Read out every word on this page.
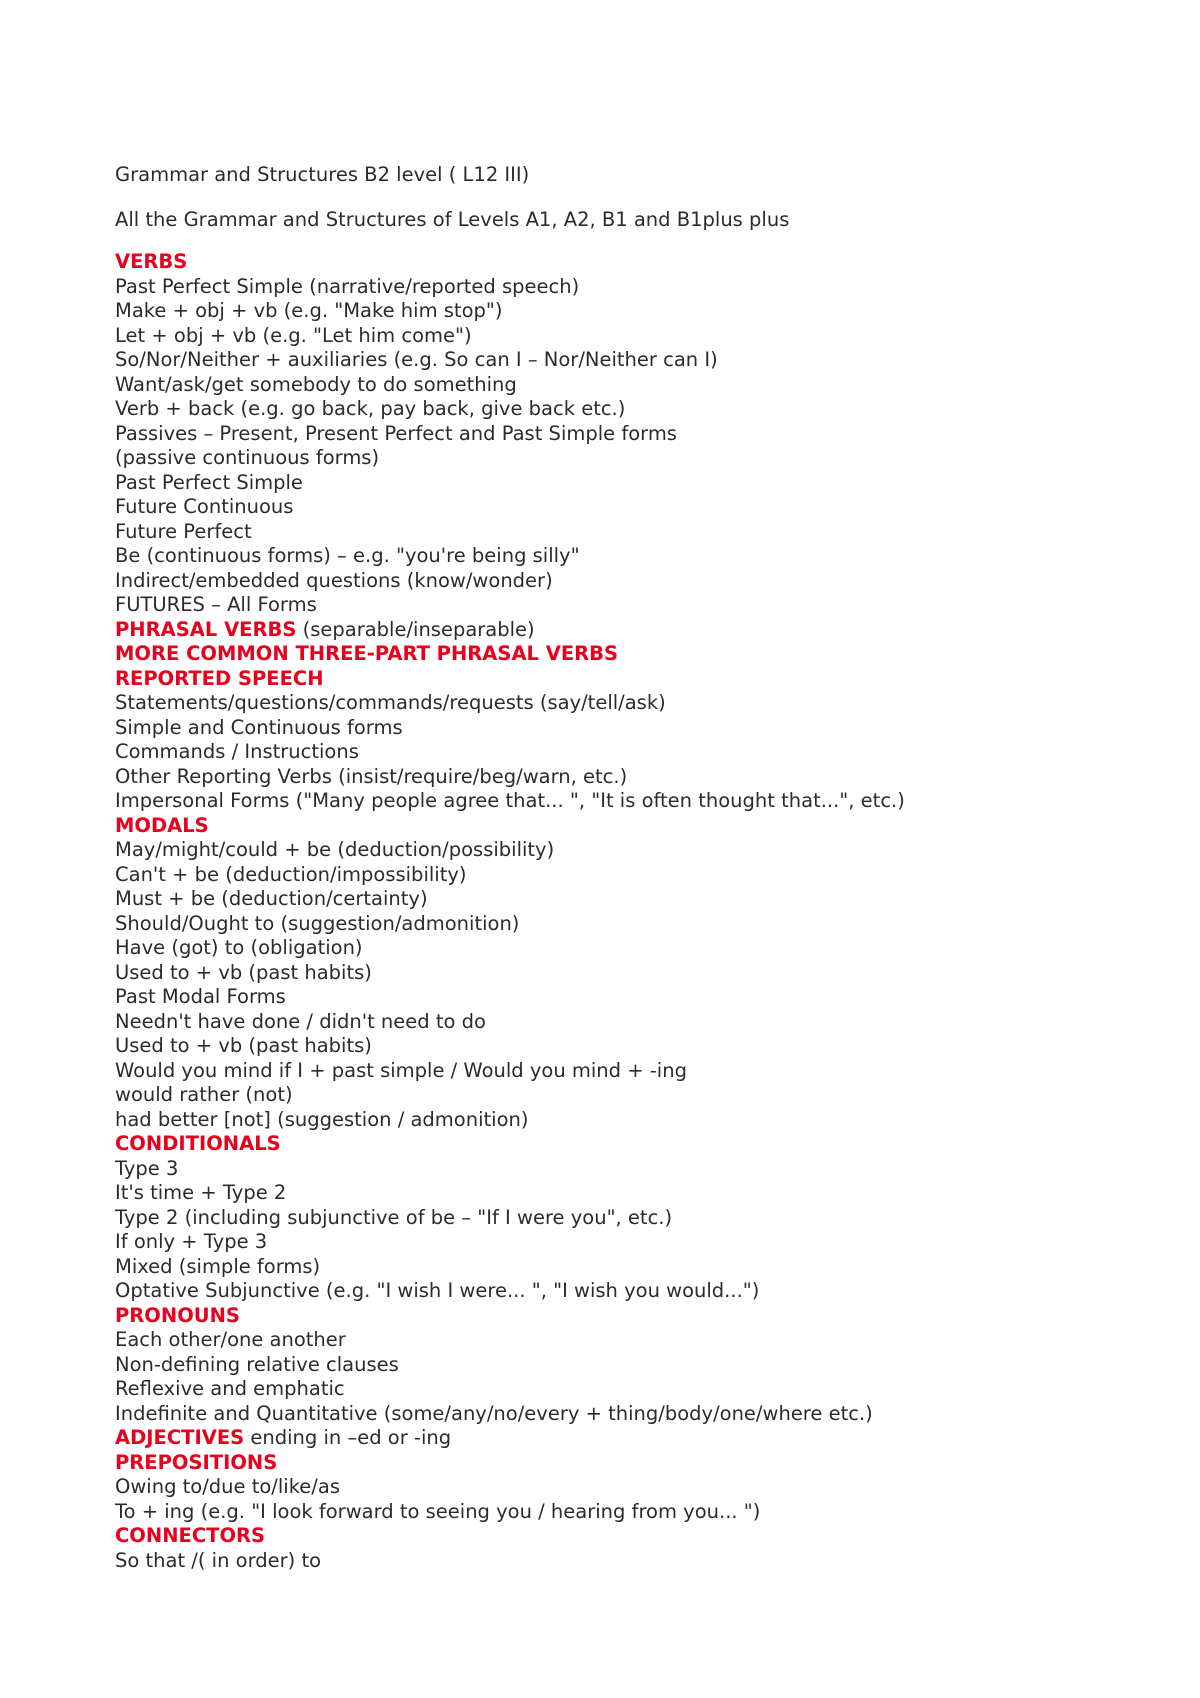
Grammar and Structures B2 level ( L12 III)
All the Grammar and Structures of Levels A1, A2, B1 and B1plus plus
VERBS
Past Perfect Simple (narrative/reported speech)
Make + obj + vb (e.g. "Make him stop")
Let + obj + vb (e.g. "Let him come")
So/Nor/Neither + auxiliaries (e.g. So can I – Nor/Neither can I)
Want/ask/get somebody to do something
Verb + back (e.g. go back, pay back, give back etc.)
Passives – Present, Present Perfect and Past Simple forms
(passive continuous forms)
Past Perfect Simple
Future Continuous
Future Perfect
Be (continuous forms) – e.g. "you're being silly"
Indirect/embedded questions (know/wonder)
FUTURES – All Forms
PHRASAL VERBS (separable/inseparable)
MORE COMMON THREE-PART PHRASAL VERBS
REPORTED SPEECH
Statements/questions/commands/requests (say/tell/ask)
Simple and Continuous forms
Commands / Instructions
Other Reporting Verbs (insist/require/beg/warn, etc.)
Impersonal Forms ("Many people agree that... ", "It is often thought that...", etc.)
MODALS
May/might/could + be (deduction/possibility)
Can't + be (deduction/impossibility)
Must + be (deduction/certainty)
Should/Ought to (suggestion/admonition)
Have (got) to (obligation)
Used to + vb (past habits)
Past Modal Forms
Needn't have done / didn't need to do
Used to + vb (past habits)
Would you mind if I + past simple / Would you mind + -ing
would rather (not)
had better [not] (suggestion / admonition)
CONDITIONALS
Type 3
It's time + Type 2
Type 2 (including subjunctive of be – "If I were you", etc.)
If only + Type 3
Mixed (simple forms)
Optative Subjunctive (e.g. "I wish I were... ", "I wish you would...")
PRONOUNS
Each other/one another
Non-defining relative clauses
Reflexive and emphatic
Indefinite and Quantitative (some/any/no/every + thing/body/one/where etc.)
ADJECTIVES ending in –ed or -ing
PREPOSITIONS
Owing to/due to/like/as
To + ing (e.g. "I look forward to seeing you / hearing from you... ")
CONNECTORS
So that /( in order) to
